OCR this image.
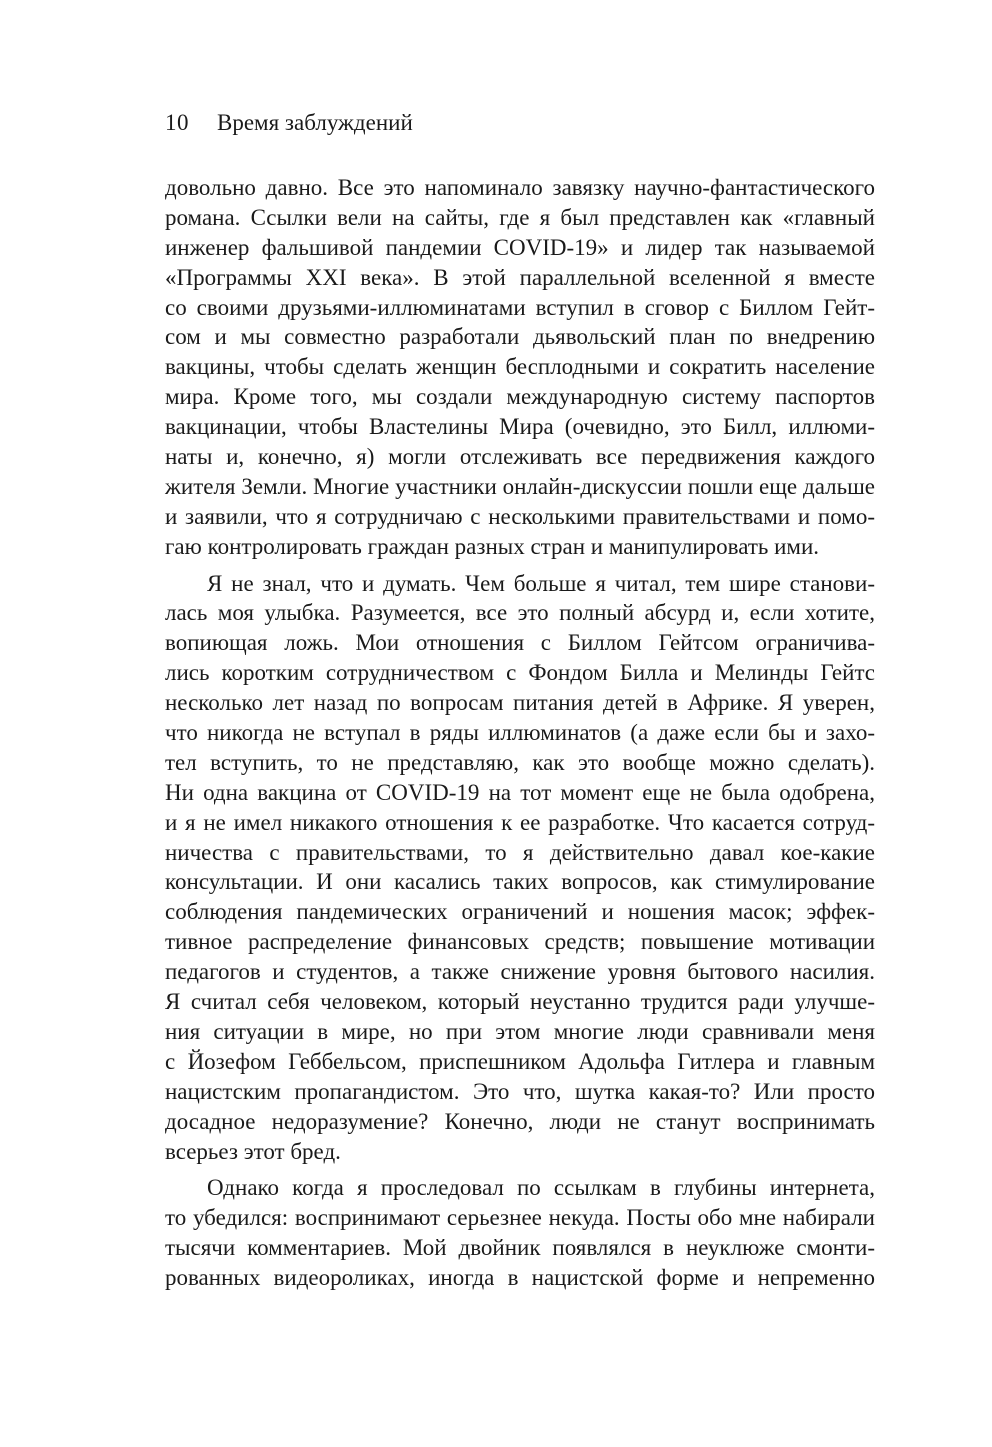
10 Время заблуждений
довольно давно. Все это напоминало завязку научно-фантастического
романа. Ссылки вели на сайты, где я был представлен как «главный
инженер фальшивой пандемии COVID-19» и лидер так называемой
«Программы XXI века». В этой параллельной вселенной я вместе
со своими друзьями-иллюминатами вступил в сговор с Биллом Гейт-
сом и мы совместно разработали дьявольский план по внедрению
вакцины, чтобы сделать женщин бесплодными и сократить население
мира. Кроме того, мы создали международную систему паспортов
вакцинации, чтобы Властелины Мира (очевидно, это Билл, иллюми-
наты и, конечно, я) могли отслеживать все передвижения каждого
жителя Земли. Многие участники онлайн-дискуссии пошли еще дальше
и заявили, что я сотрудничаю с несколькими правительствами и помо-
гаю контролировать граждан разных стран и манипулировать ими.
Я не знал, что и думать. Чем больше я читал, тем шире станови-
лась моя улыбка. Разумеется, все это полный абсурд и, если хотите,
вопиющая ложь. Мои отношения с Биллом Гейтсом ограничива-
лись коротким сотрудничеством с Фондом Билла и Мелинды Гейтс
несколько лет назад по вопросам питания детей в Африке. Я уверен,
что никогда не вступал в ряды иллюминатов (а даже если бы и захо-
тел вступить, то не представляю, как это вообще можно сделать).
Ни одна вакцина от COVID-19 на тот момент еще не была одобрена,
и я не имел никакого отношения к ее разработке. Что касается сотруд-
ничества с правительствами, то я действительно давал кое-какие
консультации. И они касались таких вопросов, как стимулирование
соблюдения пандемических ограничений и ношения масок; эффек-
тивное распределение финансовых средств; повышение мотивации
педагогов и студентов, а также снижение уровня бытового насилия.
Я считал себя человеком, который неустанно трудится ради улучше-
ния ситуации в мире, но при этом многие люди сравнивали меня
с Йозефом Геббельсом, приспешником Адольфа Гитлера и главным
нацистским пропагандистом. Это что, шутка какая-то? Или просто
досадное недоразумение? Конечно, люди не станут воспринимать
всерьез этот бред.
Однако когда я проследовал по ссылкам в глубины интернета,
то убедился: воспринимают серьезнее некуда. Посты обо мне набирали
тысячи комментариев. Мой двойник появлялся в неуклюже смонти-
рованных видеороликах, иногда в нацистской форме и непременно
